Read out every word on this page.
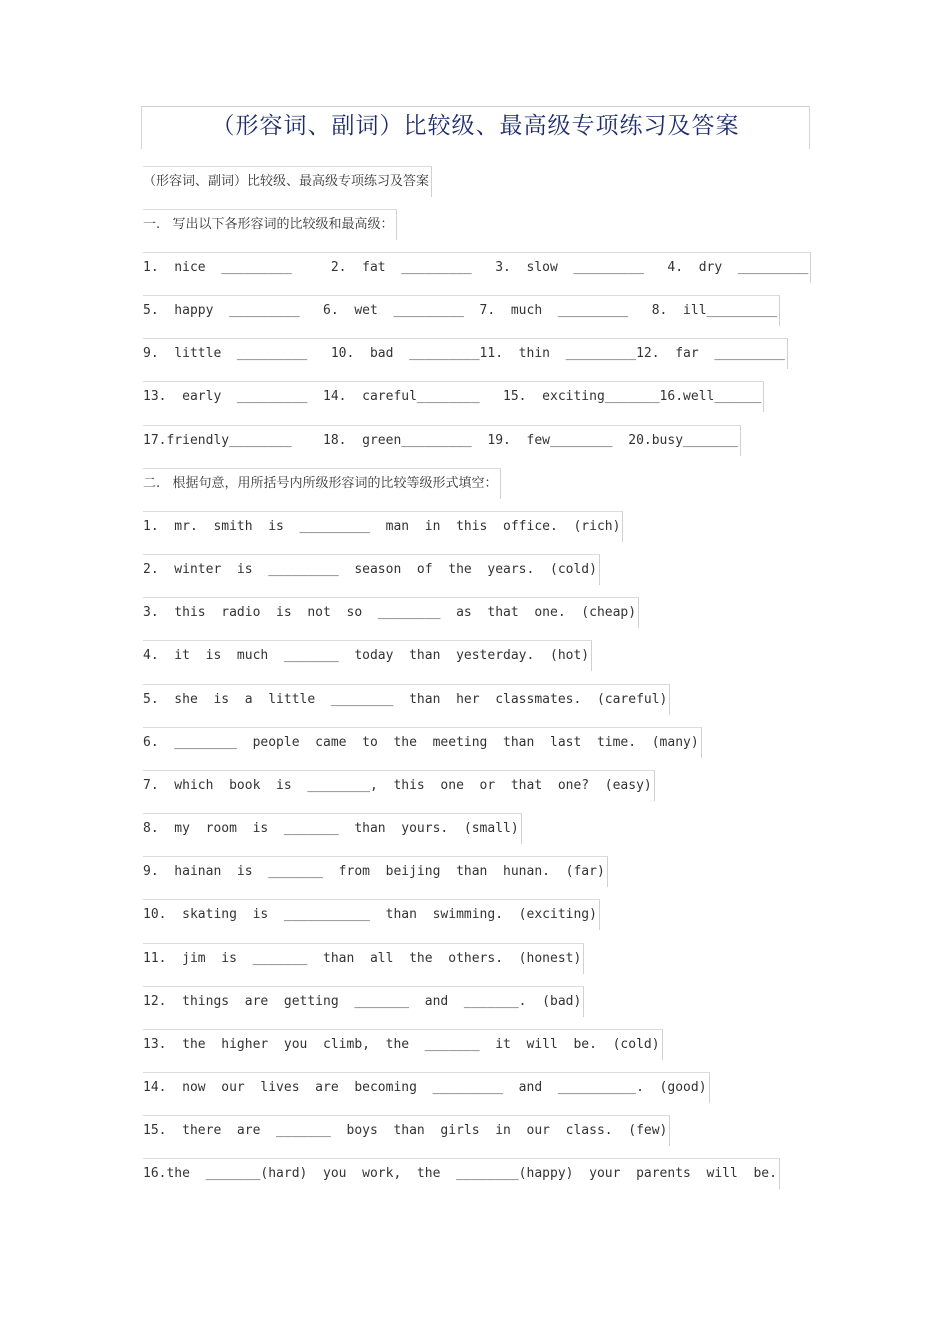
（形容词、副词）比较级、最高级专项练习及答案
（形容词、副词）比较级、最高级专项练习及答案
一.   写出以下各形容词的比较级和最高级：
1.  nice  _________     2.  fat  _________   3.  slow  _________   4.  dry  _________
5.  happy  _________   6.  wet  _________  7.  much  _________   8.  ill_________
9.  little  _________   10.  bad  _________11.  thin  _________12.  far  _________
13.  early  _________  14.  careful________   15.  exciting_______16.well______
17.friendly________    18.  green_________  19.  few________  20.busy_______
二.   根据句意，用所括号内所级形容词的比较等级形式填空：
1.  mr.  smith  is  _________  man  in  this  office.  (rich)
2.  winter  is  _________  season  of  the  years.  (cold)
3.  this  radio  is  not  so  ________  as  that  one.  (cheap)
4.  it  is  much  _______  today  than  yesterday.  (hot)
5.  she  is  a  little  ________  than  her  classmates.  (careful)
6.  ________  people  came  to  the  meeting  than  last  time.  (many)
7.  which  book  is  ________,  this  one  or  that  one?  (easy)
8.  my  room  is  _______  than  yours.  (small)
9.  hainan  is  _______  from  beijing  than  hunan.  (far)
10.  skating  is  ___________  than  swimming.  (exciting)
11.  jim  is  _______  than  all  the  others.  (honest)
12.  things  are  getting  _______  and  _______.  (bad)
13.  the  higher  you  climb,  the  _______  it  will  be.  (cold)
14.  now  our  lives  are  becoming  _________  and  __________.  (good)
15.  there  are  _______  boys  than  girls  in  our  class.  (few)
16.the  _______(hard)  you  work,  the  ________(happy)  your  parents  will  be.
